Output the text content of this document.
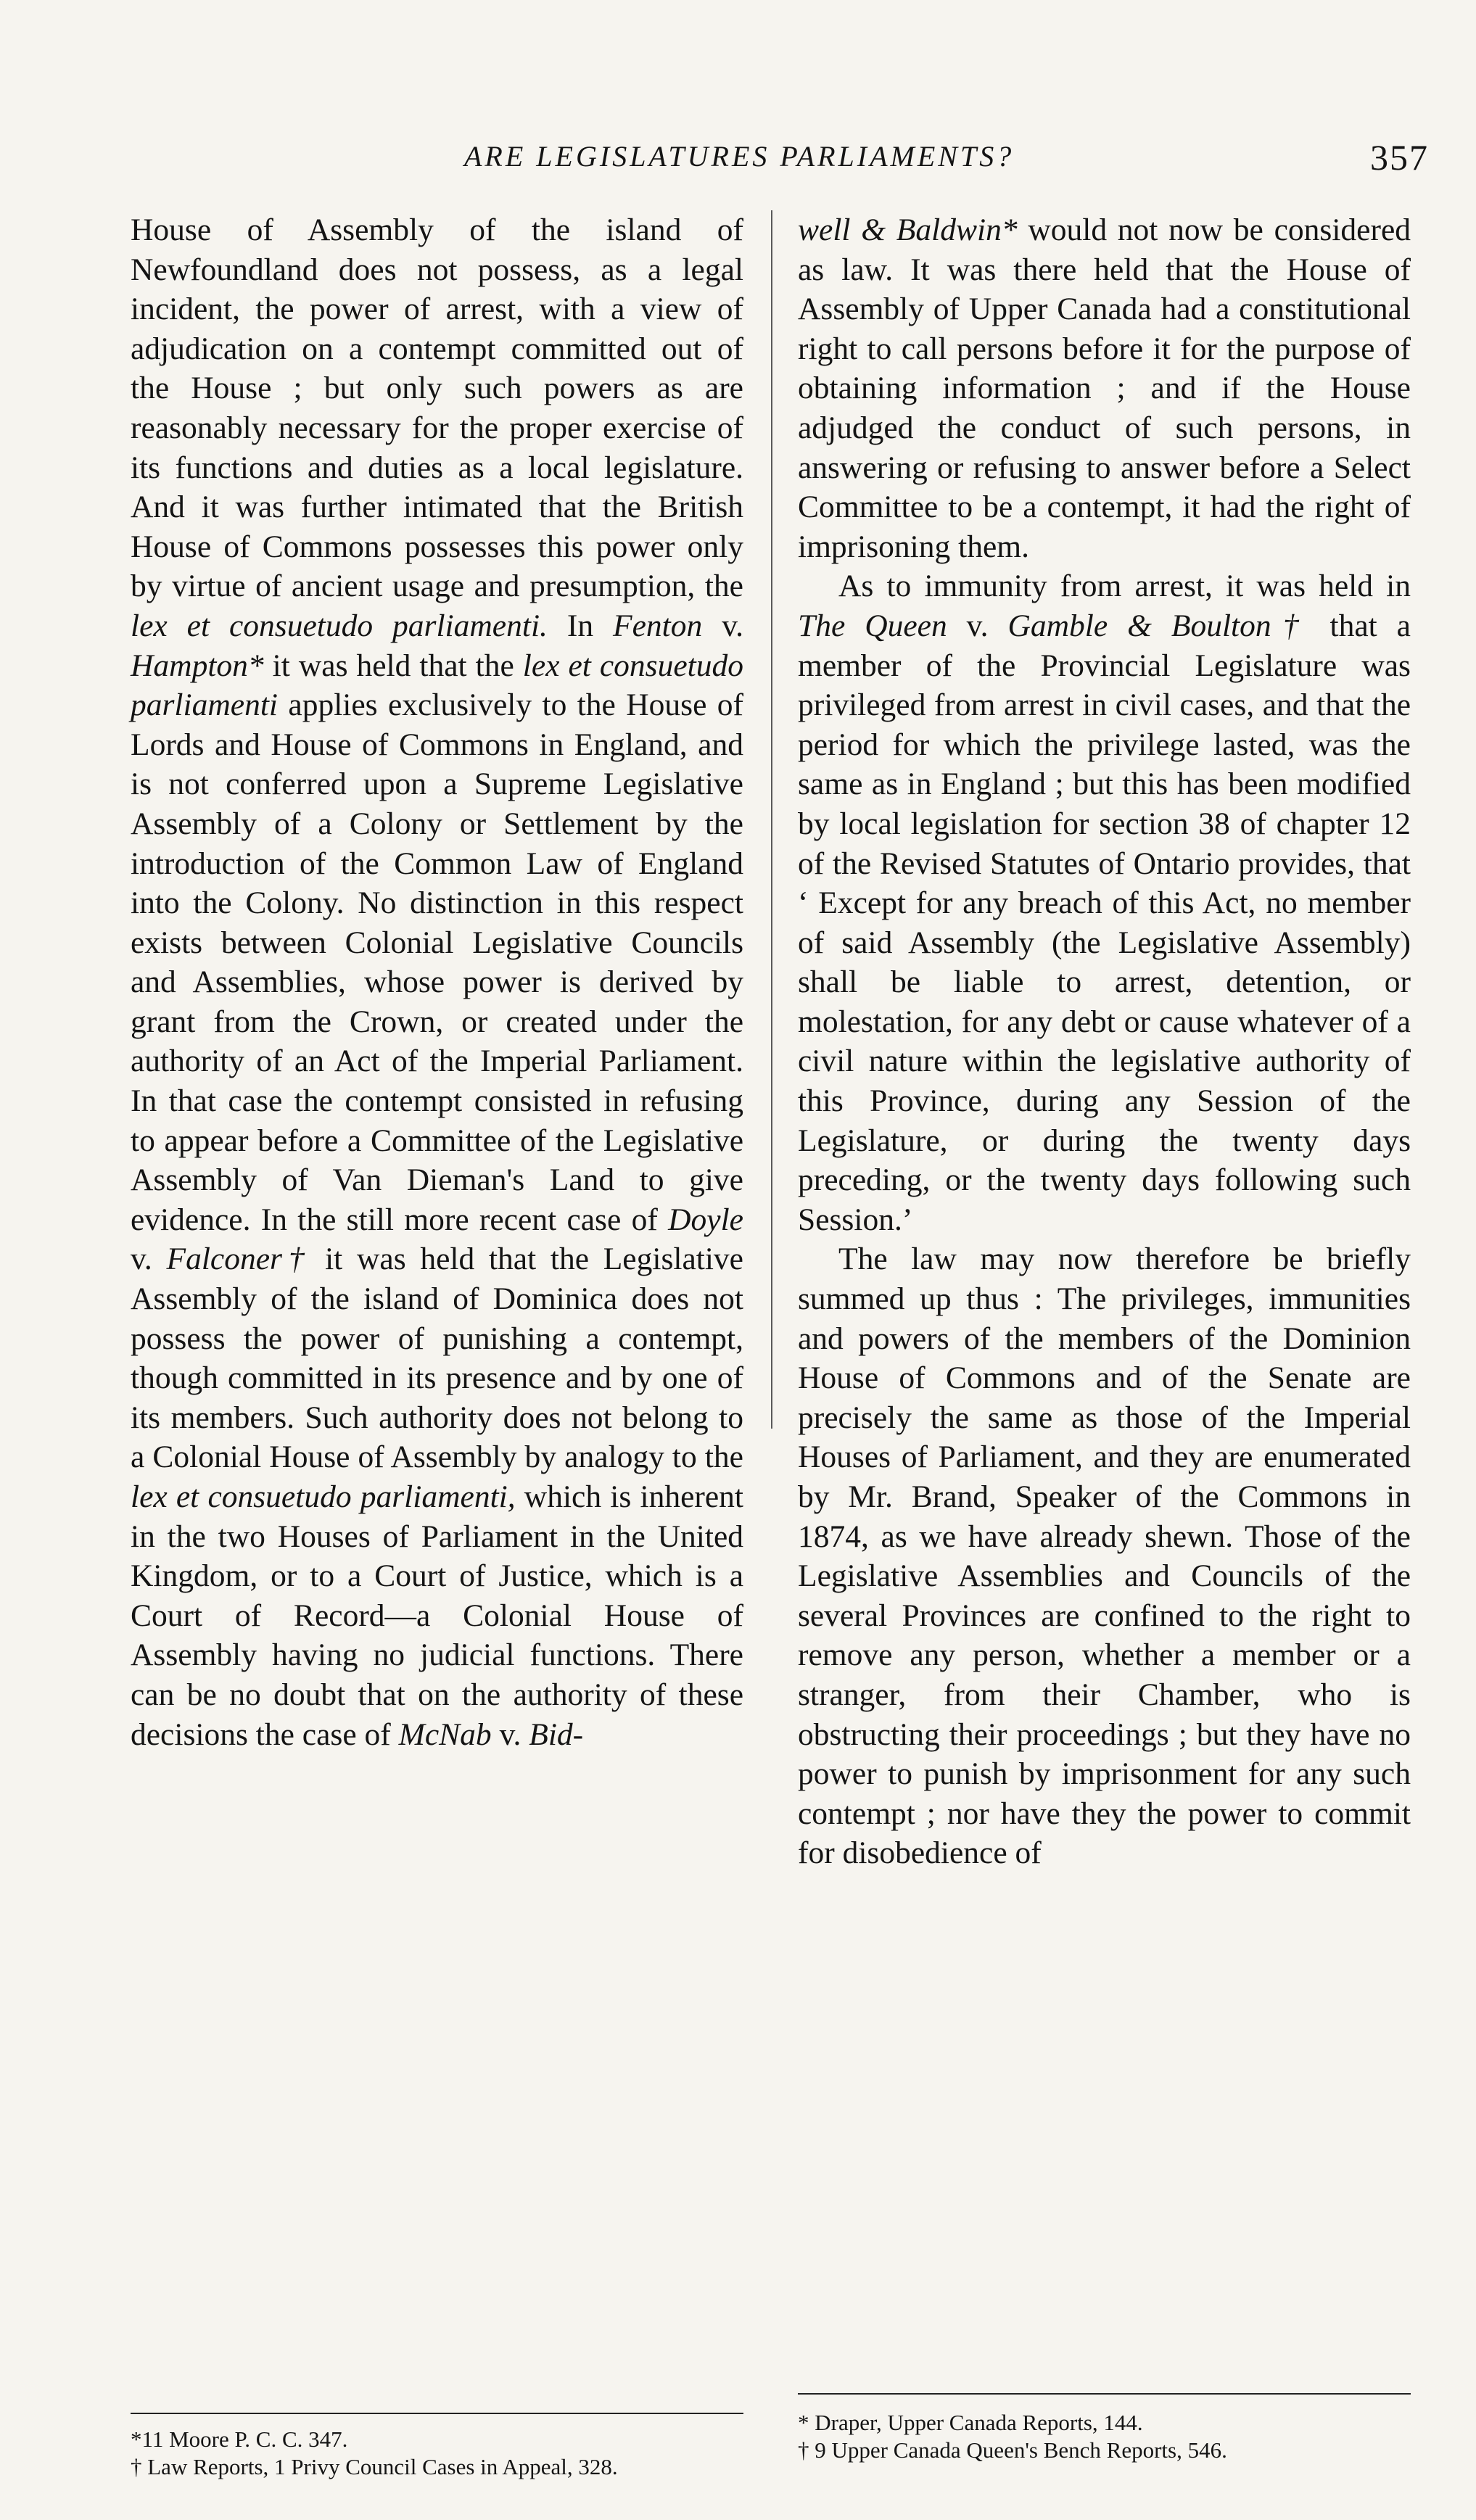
ARE LEGISLATURES PARLIAMENTS?	357

House of Assembly of the island of Newfoundland does not possess, as a legal incident, the power of arrest, with a view of adjudication on a contempt committed out of the House ; but only such powers as are reasonably necessary for the proper exercise of its functions and duties as a local legislature. And it was further intimated that the British House of Commons possesses this power only by virtue of ancient usage and presumption, the lex et consuetudo parliamenti. In Fenton v. Hampton* it was held that the lex et consuetudo parliamenti applies exclusively to the House of Lords and House of Commons in England, and is not conferred upon a Supreme Legislative Assembly of a Colony or Settlement by the introduction of the Common Law of England into the Colony. No distinction in this respect exists between Colonial Legislative Councils and Assemblies, whose power is derived by grant from the Crown, or created under the authority of an Act of the Imperial Parliament. In that case the contempt consisted in refusing to appear before a Committee of the Legislative Assembly of Van Dieman's Land to give evidence. In the still more recent case of Doyle v. Falconer† it was held that the Legislative Assembly of the island of Dominica does not possess the power of punishing a contempt, though committed in its presence and by one of its members. Such authority does not belong to a Colonial House of Assembly by analogy to the lex et consuetudo parliamenti, which is inherent in the two Houses of Parliament in the United Kingdom, or to a Court of Justice, which is a Court of Record—a Colonial House of Assembly having no judicial functions. There can be no doubt that on the authority of these decisions the case of McNab v. Bid-

well & Baldwin* would not now be considered as law. It was there held that the House of Assembly of Upper Canada had a constitutional right to call persons before it for the purpose of obtaining information ; and if the House adjudged the conduct of such persons, in answering or refusing to answer before a Select Committee to be a contempt, it had the right of imprisoning them.

As to immunity from arrest, it was held in The Queen v. Gamble & Boulton† that a member of the Provincial Legislature was privileged from arrest in civil cases, and that the period for which the privilege lasted, was the same as in England ; but this has been modified by local legislation for section 38 of chapter 12 of the Revised Statutes of Ontario provides, that ‘ Except for any breach of this Act, no member of said Assembly (the Legislative Assembly) shall be liable to arrest, detention, or molestation, for any debt or cause whatever of a civil nature within the legislative authority of this Province, during any Session of the Legislature, or during the twenty days preceding, or the twenty days following such Session.’

The law may now therefore be briefly summed up thus : The privileges, immunities and powers of the members of the Dominion House of Commons and of the Senate are precisely the same as those of the Imperial Houses of Parliament, and they are enumerated by Mr. Brand, Speaker of the Commons in 1874, as we have already shewn. Those of the Legislative Assemblies and Councils of the several Provinces are confined to the right to remove any person, whether a member or a stranger, from their Chamber, who is obstructing their proceedings ; but they have no power to punish by imprisonment for any such contempt ; nor have they the power to commit for disobedience of

*11 Moore P. C. C. 347.

† Law Reports, 1 Privy Council Cases in Appeal, 328.

* Draper, Upper Canada Reports, 144.

† 9 Upper Canada Queen's Bench Reports, 546.
